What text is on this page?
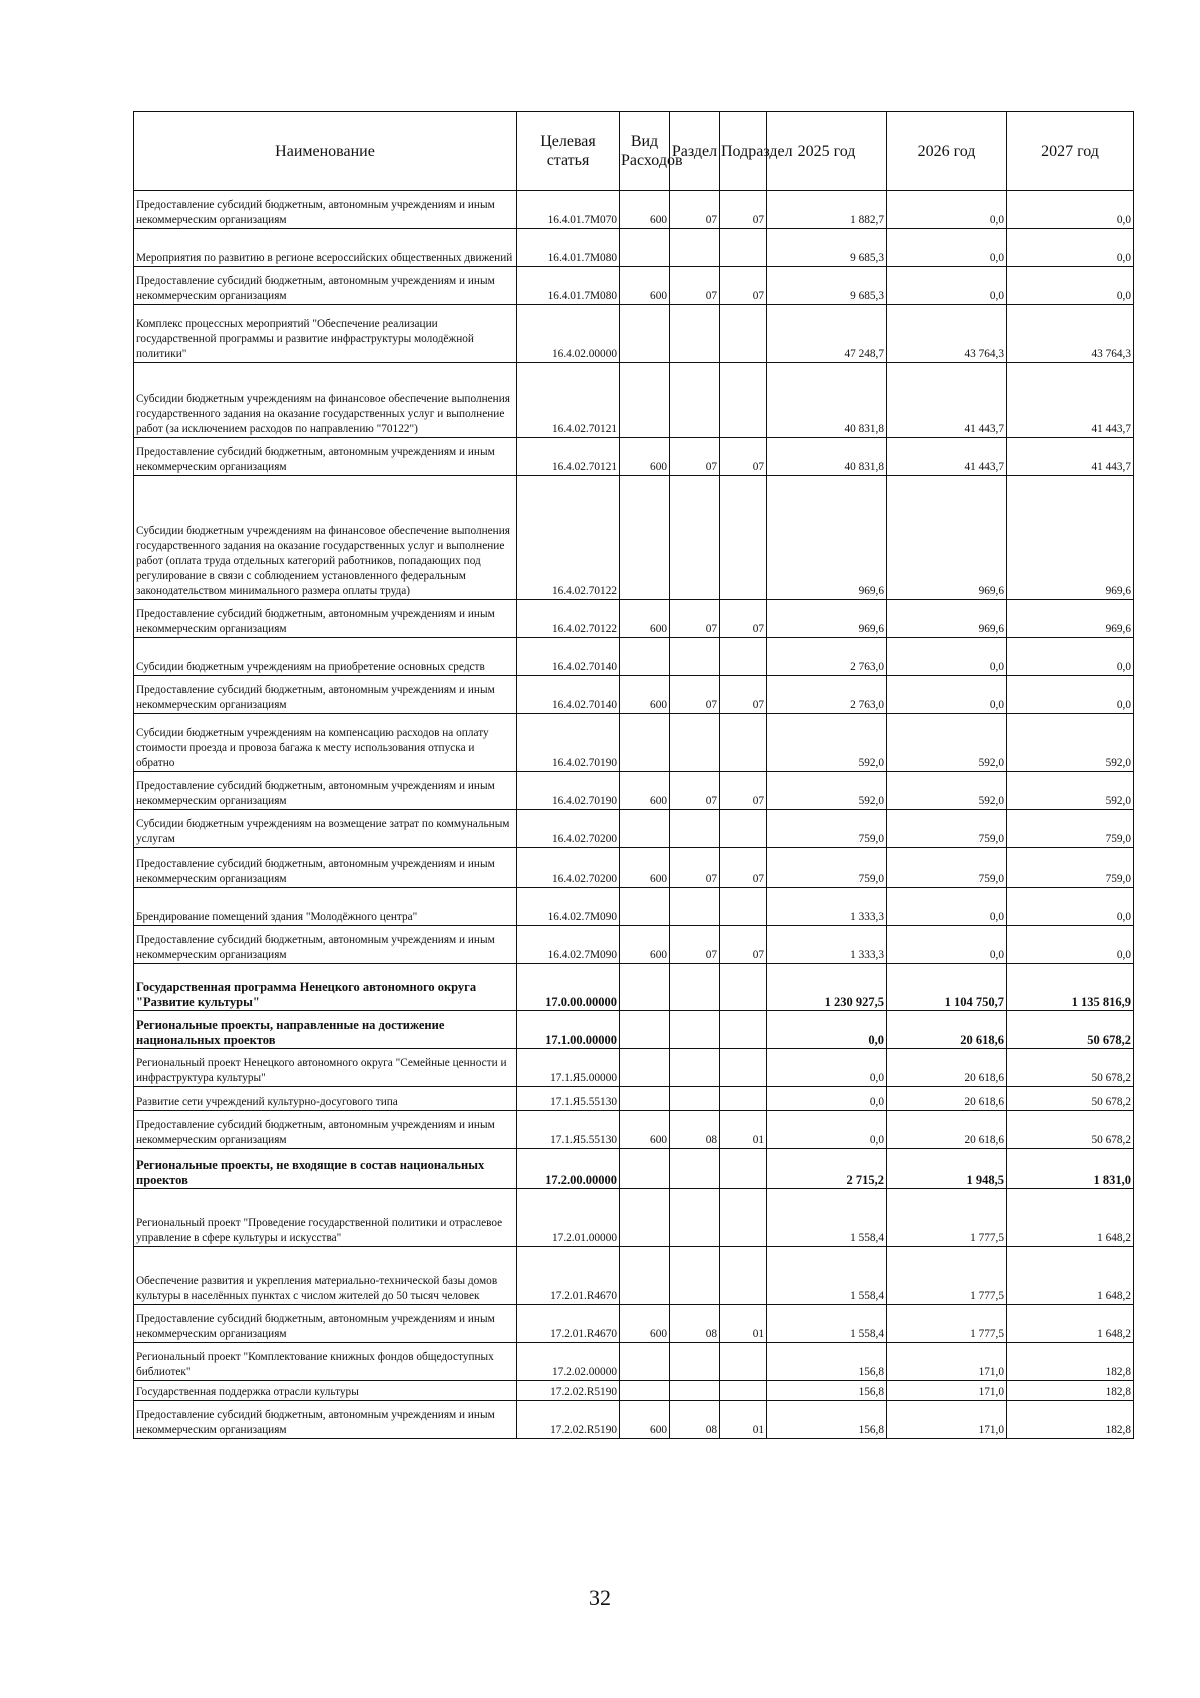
Наименование	Целевая статья	Вид Расходов	Раздел	Подраздел	2025 год	2026 год	2027 год
Предоставление субсидий бюджетным, автономным учреждениям и иным некоммерческим организациям	16.4.01.7М070	600	07	07	1 882,7	0,0	0,0
Мероприятия по развитию в регионе всероссийских общественных движений	16.4.01.7М080				9 685,3	0,0	0,0
Предоставление субсидий бюджетным, автономным учреждениям и иным некоммерческим организациям	16.4.01.7М080	600	07	07	9 685,3	0,0	0,0
Комплекс процессных мероприятий "Обеспечение реализации государственной программы и развитие инфраструктуры молодёжной политики"	16.4.02.00000				47 248,7	43 764,3	43 764,3
Субсидии бюджетным учреждениям на финансовое обеспечение выполнения государственного задания на оказание государственных услуг и выполнение работ (за исключением расходов по направлению "70122")	16.4.02.70121				40 831,8	41 443,7	41 443,7
Предоставление субсидий бюджетным, автономным учреждениям и иным некоммерческим организациям	16.4.02.70121	600	07	07	40 831,8	41 443,7	41 443,7
Субсидии бюджетным учреждениям на финансовое обеспечение выполнения государственного задания на оказание государственных услуг и выполнение работ (оплата труда отдельных категорий работников, попадающих под регулирование в связи с соблюдением установленного федеральным законодательством минимального размера оплаты труда)	16.4.02.70122				969,6	969,6	969,6
Предоставление субсидий бюджетным, автономным учреждениям и иным некоммерческим организациям	16.4.02.70122	600	07	07	969,6	969,6	969,6
Субсидии бюджетным учреждениям на приобретение основных средств	16.4.02.70140				2 763,0	0,0	0,0
Предоставление субсидий бюджетным, автономным учреждениям и иным некоммерческим организациям	16.4.02.70140	600	07	07	2 763,0	0,0	0,0
Субсидии бюджетным учреждениям на компенсацию расходов на оплату стоимости проезда и провоза багажа к месту использования отпуска и обратно	16.4.02.70190				592,0	592,0	592,0
Предоставление субсидий бюджетным, автономным учреждениям и иным некоммерческим организациям	16.4.02.70190	600	07	07	592,0	592,0	592,0
Субсидии бюджетным учреждениям на возмещение затрат по коммунальным услугам	16.4.02.70200				759,0	759,0	759,0
Предоставление субсидий бюджетным, автономным учреждениям и иным некоммерческим организациям	16.4.02.70200	600	07	07	759,0	759,0	759,0
Брендирование помещений здания "Молодёжного центра"	16.4.02.7М090				1 333,3	0,0	0,0
Предоставление субсидий бюджетным, автономным учреждениям и иным некоммерческим организациям	16.4.02.7М090	600	07	07	1 333,3	0,0	0,0
Государственная программа Ненецкого автономного округа "Развитие культуры"	17.0.00.00000				1 230 927,5	1 104 750,7	1 135 816,9
Региональные проекты, направленные на достижение национальных проектов	17.1.00.00000				0,0	20 618,6	50 678,2
Региональный проект Ненецкого автономного округа "Семейные ценности и инфраструктура культуры"	17.1.Я5.00000				0,0	20 618,6	50 678,2
Развитие сети учреждений культурно-досугового типа	17.1.Я5.55130				0,0	20 618,6	50 678,2
Предоставление субсидий бюджетным, автономным учреждениям и иным некоммерческим организациям	17.1.Я5.55130	600	08	01	0,0	20 618,6	50 678,2
Региональные проекты, не входящие в состав национальных проектов	17.2.00.00000				2 715,2	1 948,5	1 831,0
Региональный проект "Проведение государственной политики и отраслевое управление в сфере культуры и искусства"	17.2.01.00000				1 558,4	1 777,5	1 648,2
Обеспечение развития и укрепления материально-технической базы домов культуры в населённых пунктах с числом жителей до 50 тысяч человек	17.2.01.R4670				1 558,4	1 777,5	1 648,2
Предоставление субсидий бюджетным, автономным учреждениям и иным некоммерческим организациям	17.2.01.R4670	600	08	01	1 558,4	1 777,5	1 648,2
Региональный проект "Комплектование книжных фондов общедоступных библиотек"	17.2.02.00000				156,8	171,0	182,8
Государственная поддержка отрасли культуры	17.2.02.R5190				156,8	171,0	182,8
Предоставление субсидий бюджетным, автономным учреждениям и иным некоммерческим организациям	17.2.02.R5190	600	08	01	156,8	171,0	182,8
32
